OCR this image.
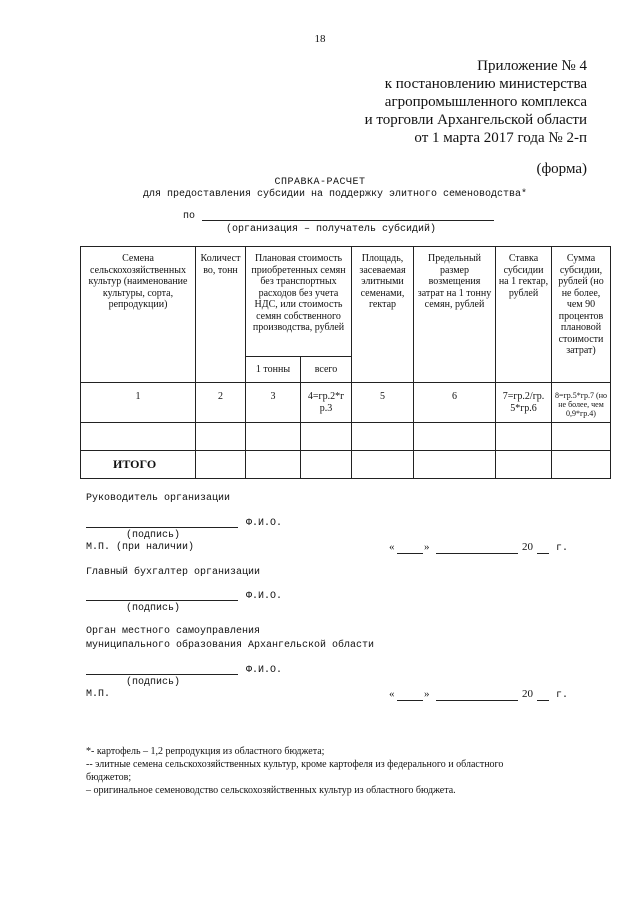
18
Приложение № 4
к постановлению министерства
агропромышленного комплекса
и торговли Архангельской области
от 1 марта 2017 года № 2-п
(форма)
СПРАВКА-РАСЧЕТ
для предоставления субсидии на поддержку элитного семеноводства*
по
(организация – получатель субсидий)
Семена сельскохозяйственных культур (наименование культуры, сорта, репродукции)	Количест во, тонн	Плановая стоимость приобретенных семян без транспортных расходов без учета НДС, или стоимость семян собственного производства, рублей		Площадь, засеваемая элитными семенами, гектар	Предельный размер возмещения затрат на 1 тонну семян, рублей	Ставка субсидии на 1 гектар, рублей	Сумма субсидии, рублей (но не более, чем 90 процентов плановой стоимости затрат)
		1 тонны	всего				
1	2	3	4=гр.2*г р.3	5	6	7=гр.2/гр. 5*гр.6	8=гр.5*гр.7 (но не более, чем 0,9*гр.4)

ИТОГО							
Руководитель организации
Ф.И.О.
(подпись)
М.П. (при наличии)	«	»	20 г.
Главный бухгалтер организации
Ф.И.О.
(подпись)
Орган местного самоуправления
муниципального образования Архангельской области
Ф.И.О.
(подпись)
М.П.	«	»	20 г.
*- картофель – 1,2 репродукция из областного бюджета;
-- элитные семена сельскохозяйственных культур, кроме картофеля из федерального и областного
бюджетов;
– оригинальное семеноводство сельскохозяйственных культур из областного бюджета.
